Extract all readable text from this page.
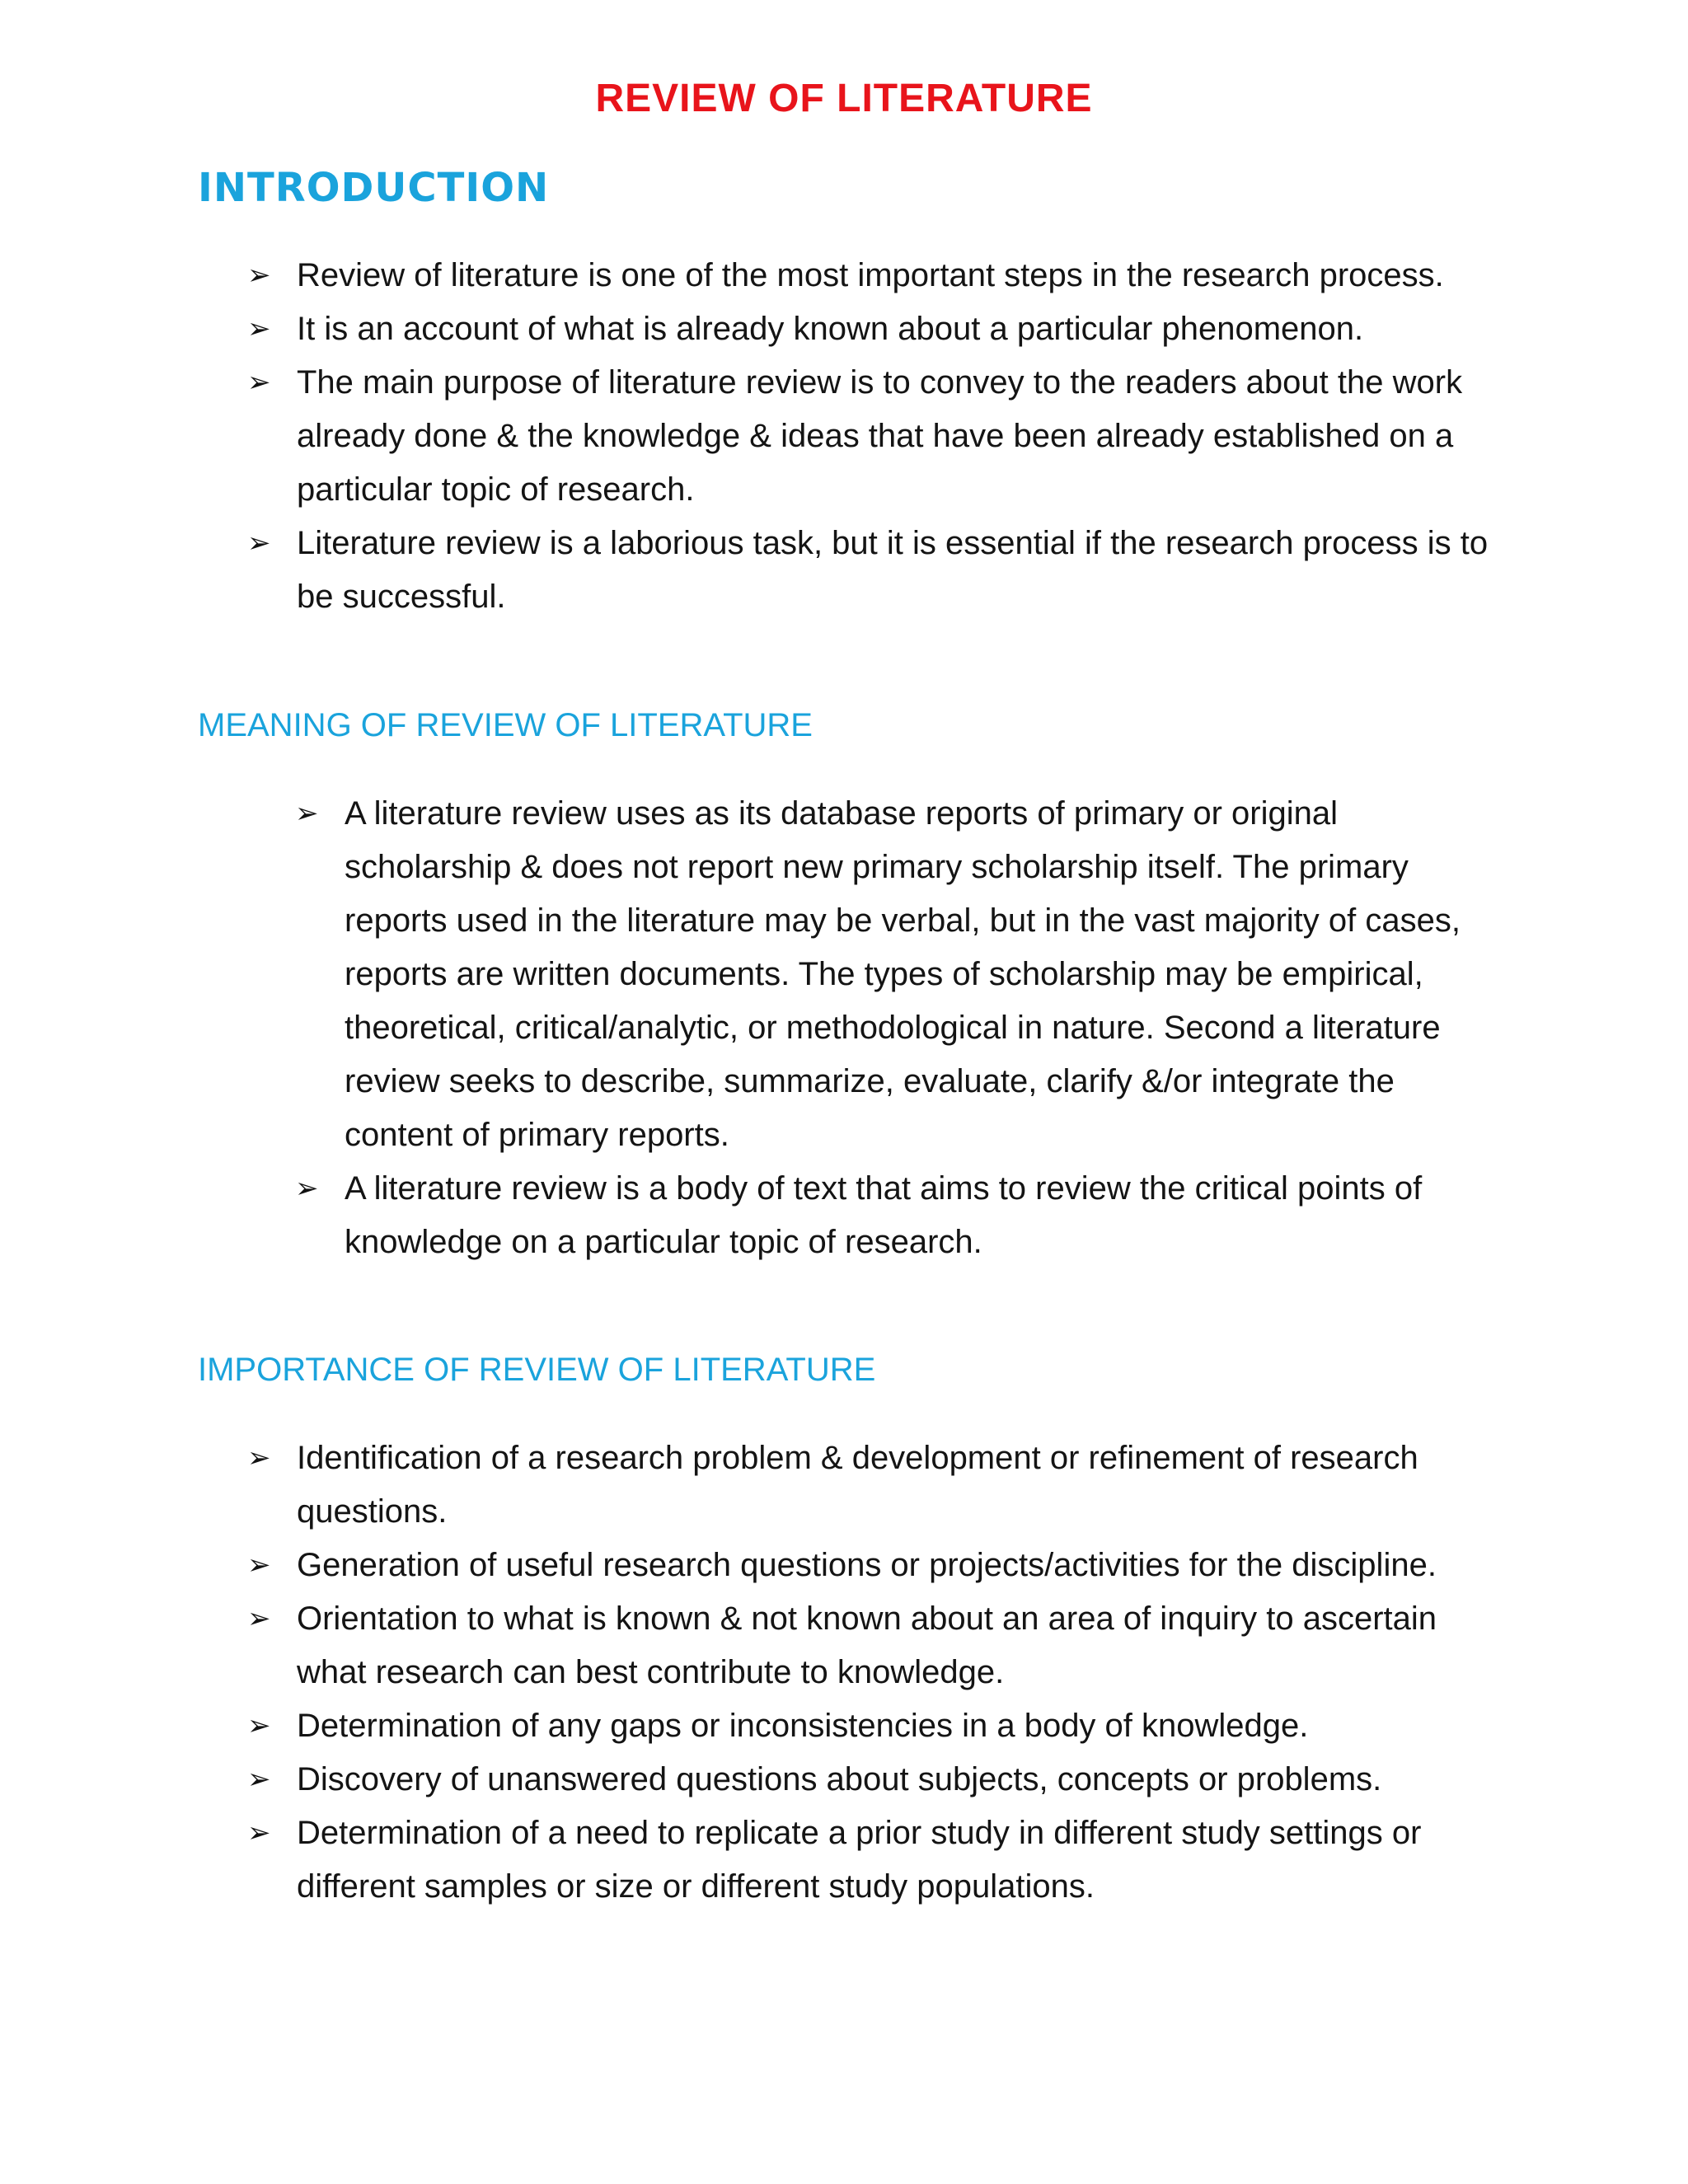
REVIEW OF LITERATURE
INTRODUCTION
➢ Review of literature is one of the most important steps in the research process.
➢ It is an account of what is already known about a particular phenomenon.
➢ The main purpose of literature review is to convey to the readers about the work already done & the knowledge & ideas that have been already established on a particular topic of research.
➢ Literature review is a laborious task, but it is essential if the research process is to be successful.
MEANING OF REVIEW OF LITERATURE
➢ A literature review uses as its database reports of primary or original scholarship & does not report new primary scholarship itself. The primary reports used in the literature may be verbal, but in the vast majority of cases, reports are written documents. The types of scholarship may be empirical, theoretical, critical/analytic, or methodological in nature. Second a literature review seeks to describe, summarize, evaluate, clarify &/or integrate the content of primary reports.
➢ A literature review is a body of text that aims to review the critical points of knowledge on a particular topic of research.
IMPORTANCE OF REVIEW OF LITERATURE
➢ Identification of a research problem & development or refinement of research questions.
➢ Generation of useful research questions or projects/activities for the discipline.
➢ Orientation to what is known & not known about an area of inquiry to ascertain what research can best contribute to knowledge.
➢ Determination of any gaps or inconsistencies in a body of knowledge.
➢ Discovery of unanswered questions about subjects, concepts or problems.
➢ Determination of a need to replicate a prior study in different study settings or different samples or size or different study populations.
